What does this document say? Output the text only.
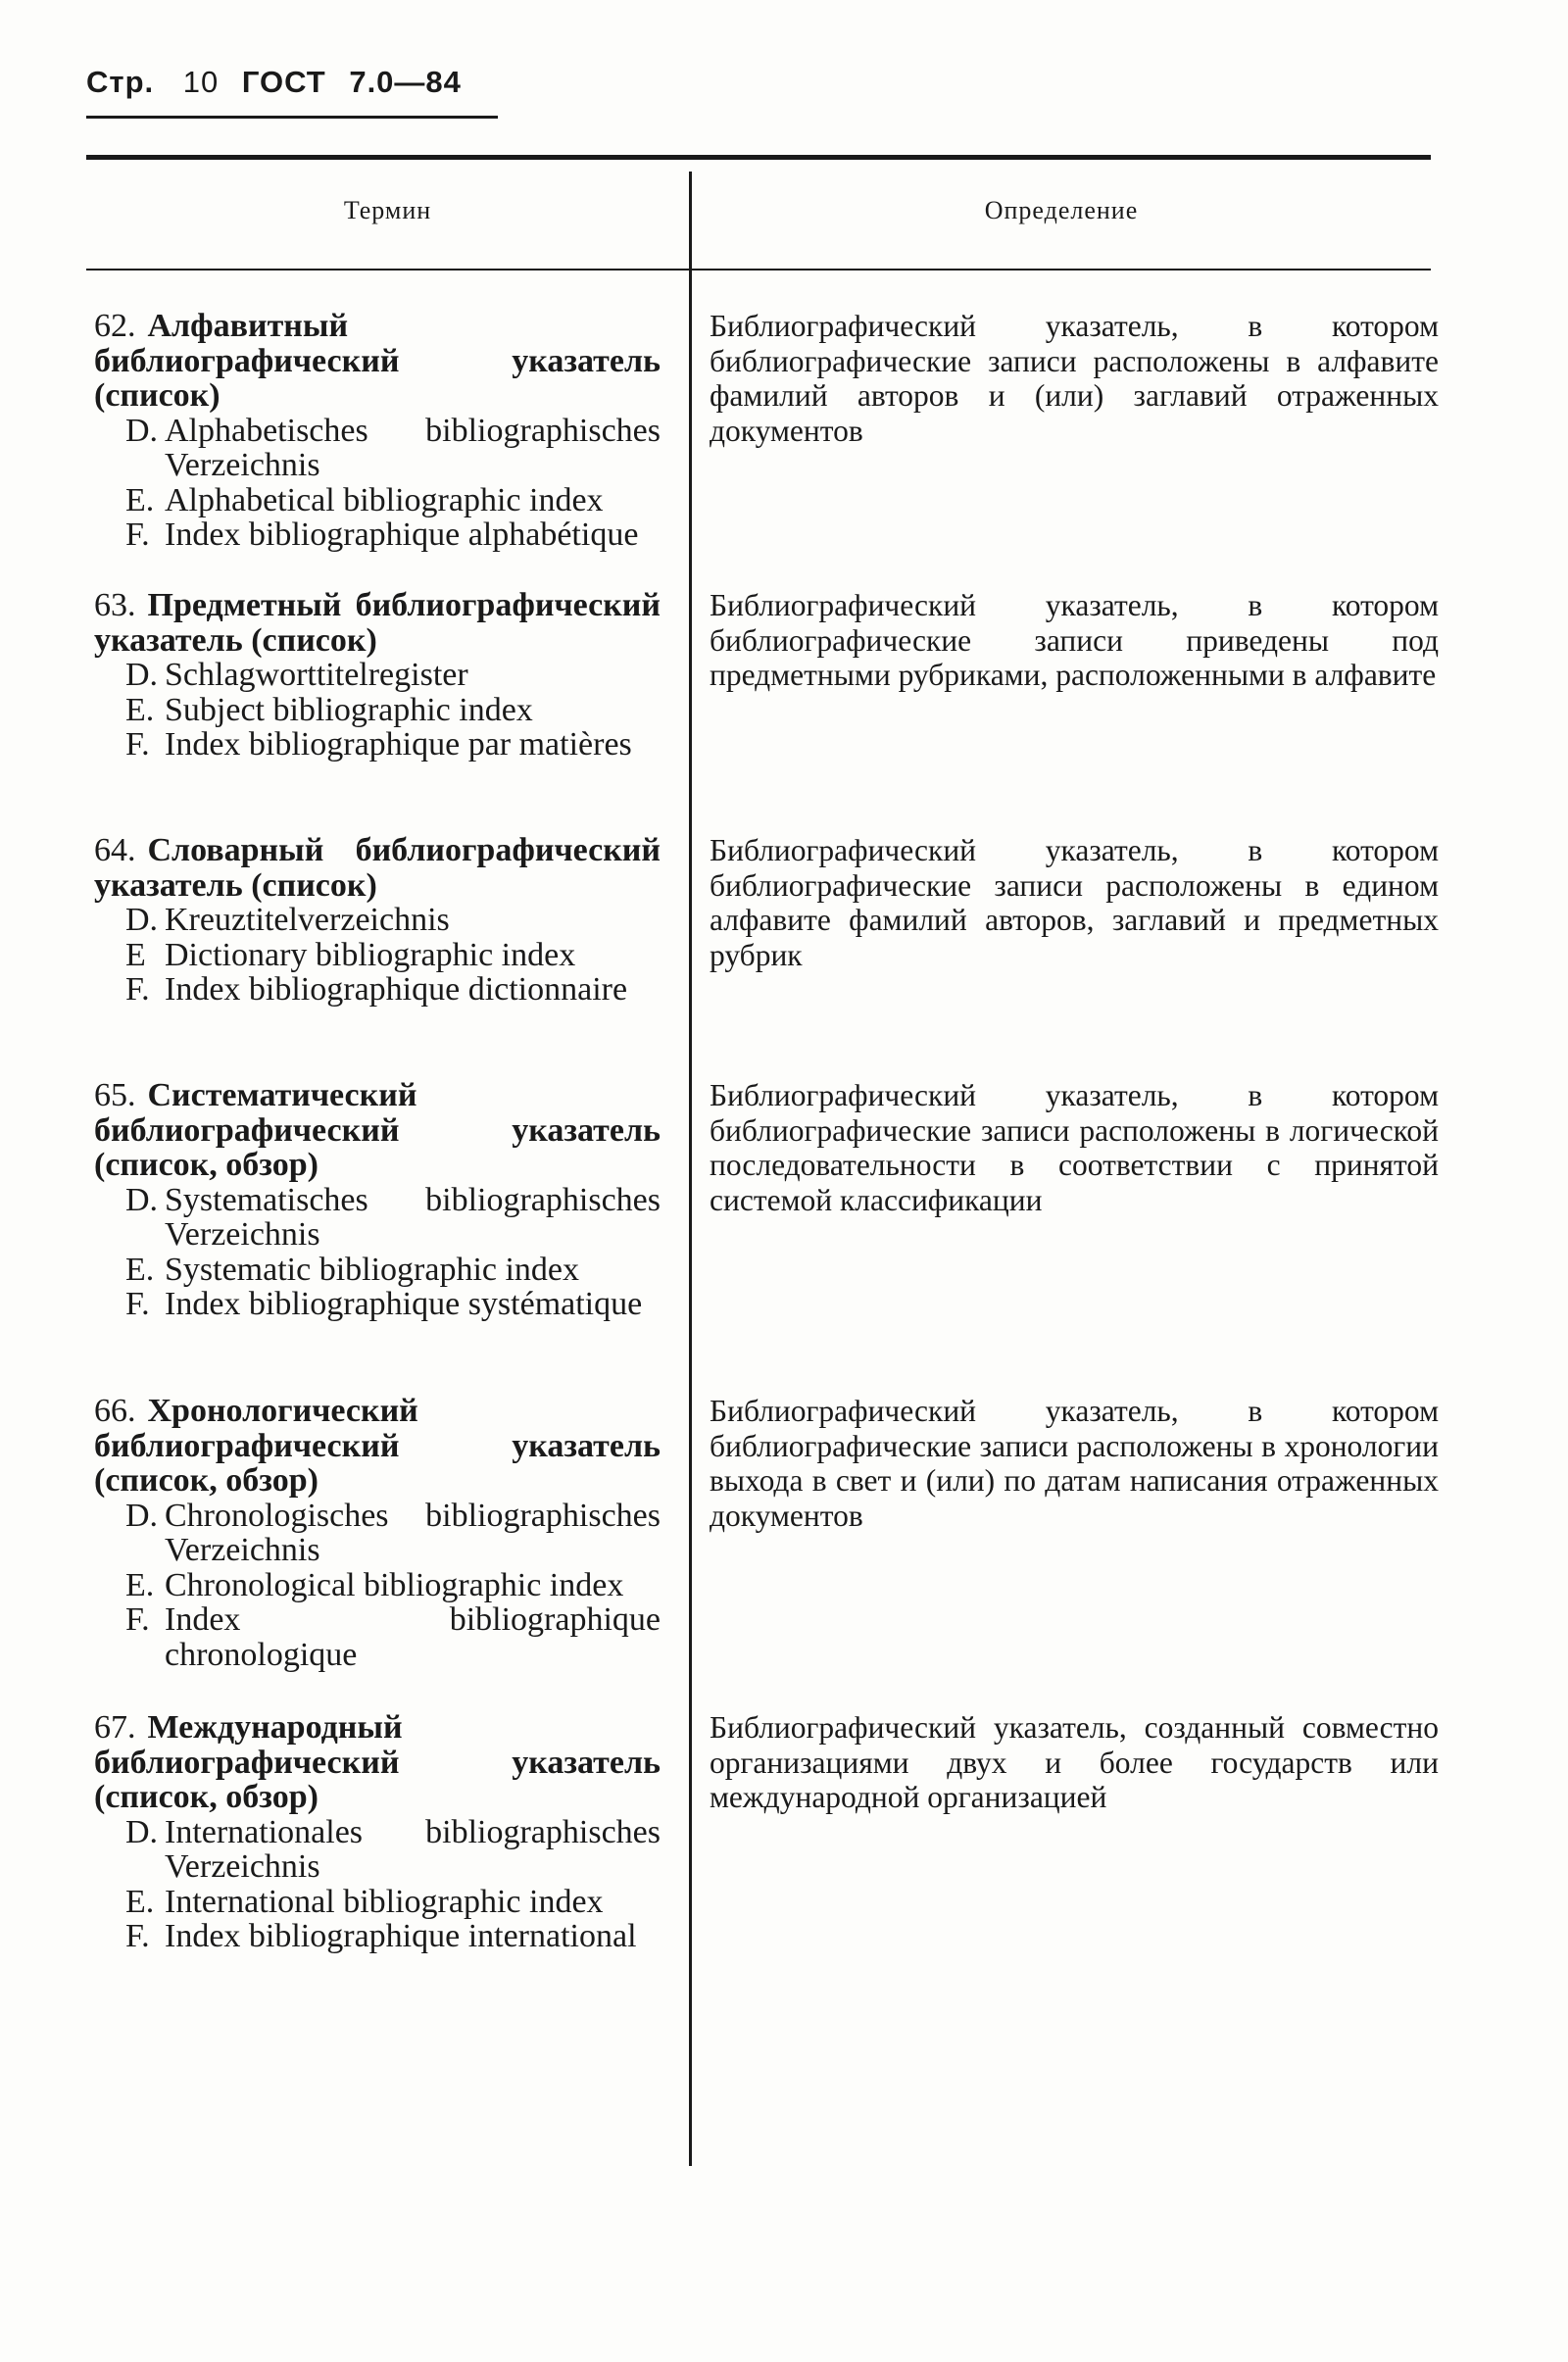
Стр. 10 ГОСТ 7.0—84
Термин	Определение
62. Алфавитный библиографический указатель (список)
D. Alphabetisches bibliographisches Verzeichnis
E. Alphabetical bibliographic index
F. Index bibliographique alphabétique
Библиографический указатель, в котором библиографические записи расположены в алфавите фамилий авторов и (или) заглавий отраженных документов
63. Предметный библиографический указатель (список)
D. Schlagworttitelregister
E. Subject bibliographic index
F. Index bibliographique par matières
Библиографический указатель, в котором библиографические записи приведены под предметными рубриками, расположенными в алфавите
64. Словарный библиографический указатель (список)
D. Kreuztitelverzeichnis
E Dictionary bibliographic index
F. Index bibliographique dictionnaire
Библиографический указатель, в котором библиографические записи расположены в едином алфавите фамилий авторов, заглавий и предметных рубрик
65. Систематический библиографический указатель (список, обзор)
D. Systematisches bibliographisches Verzeichnis
E. Systematic bibliographic index
F. Index bibliographique systématique
Библиографический указатель, в котором библиографические записи расположены в логической последовательности в соответствии с принятой системой классификации
66. Хронологический библиографический указатель (список, обзор)
D. Chronologisches bibliographisches Verzeichnis
E. Chronological bibliographic index
F. Index bibliographique chronologique
Библиографический указатель, в котором библиографические записи расположены в хронологии выхода в свет и (или) по датам написания отраженных документов
67. Международный библиографический указатель (список, обзор)
D. Internationales bibliographisches Verzeichnis
E. International bibliographic index
F. Index bibliographique international
Библиографический указатель, созданный совместно организациями двух и более государств или международной организацией
